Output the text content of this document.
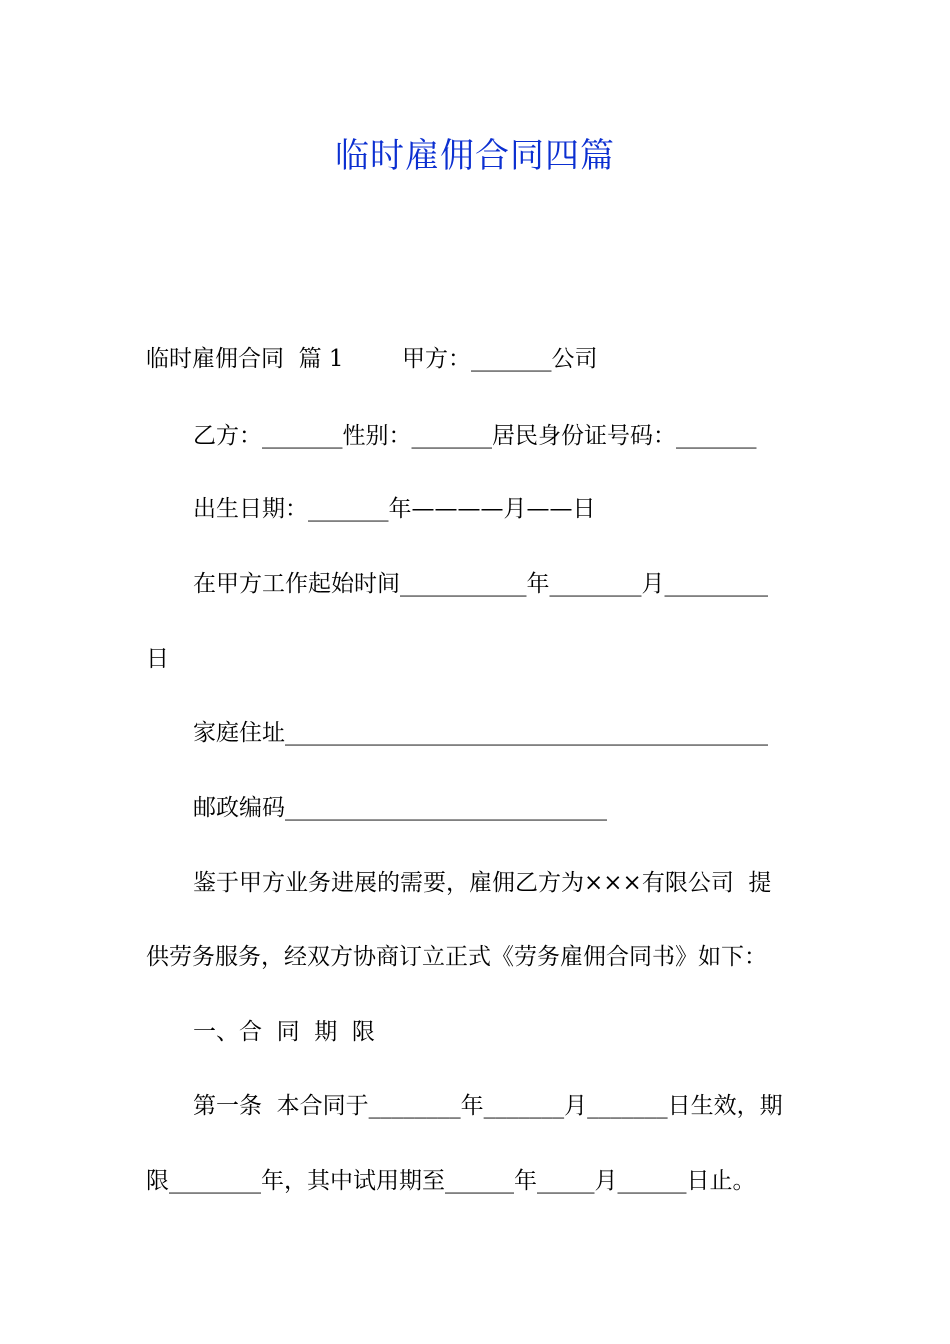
临时雇佣合同四篇

临时雇佣合同  篇 1        甲方：_______公司

乙方：_______性别：_______居民身份证号码：_______

出生日期：_______年————月——日

在甲方工作起始时间___________年________月_________

日

家庭住址__________________________________________

邮政编码____________________________

鉴于甲方业务进展的需要，雇佣乙方为×××有限公司  提

供劳务服务，经双方协商订立正式《劳务雇佣合同书》如下：

一、合  同  期  限

第一条  本合同于________年_______月_______日生效，期

限________年，其中试用期至______年_____月______日止。
